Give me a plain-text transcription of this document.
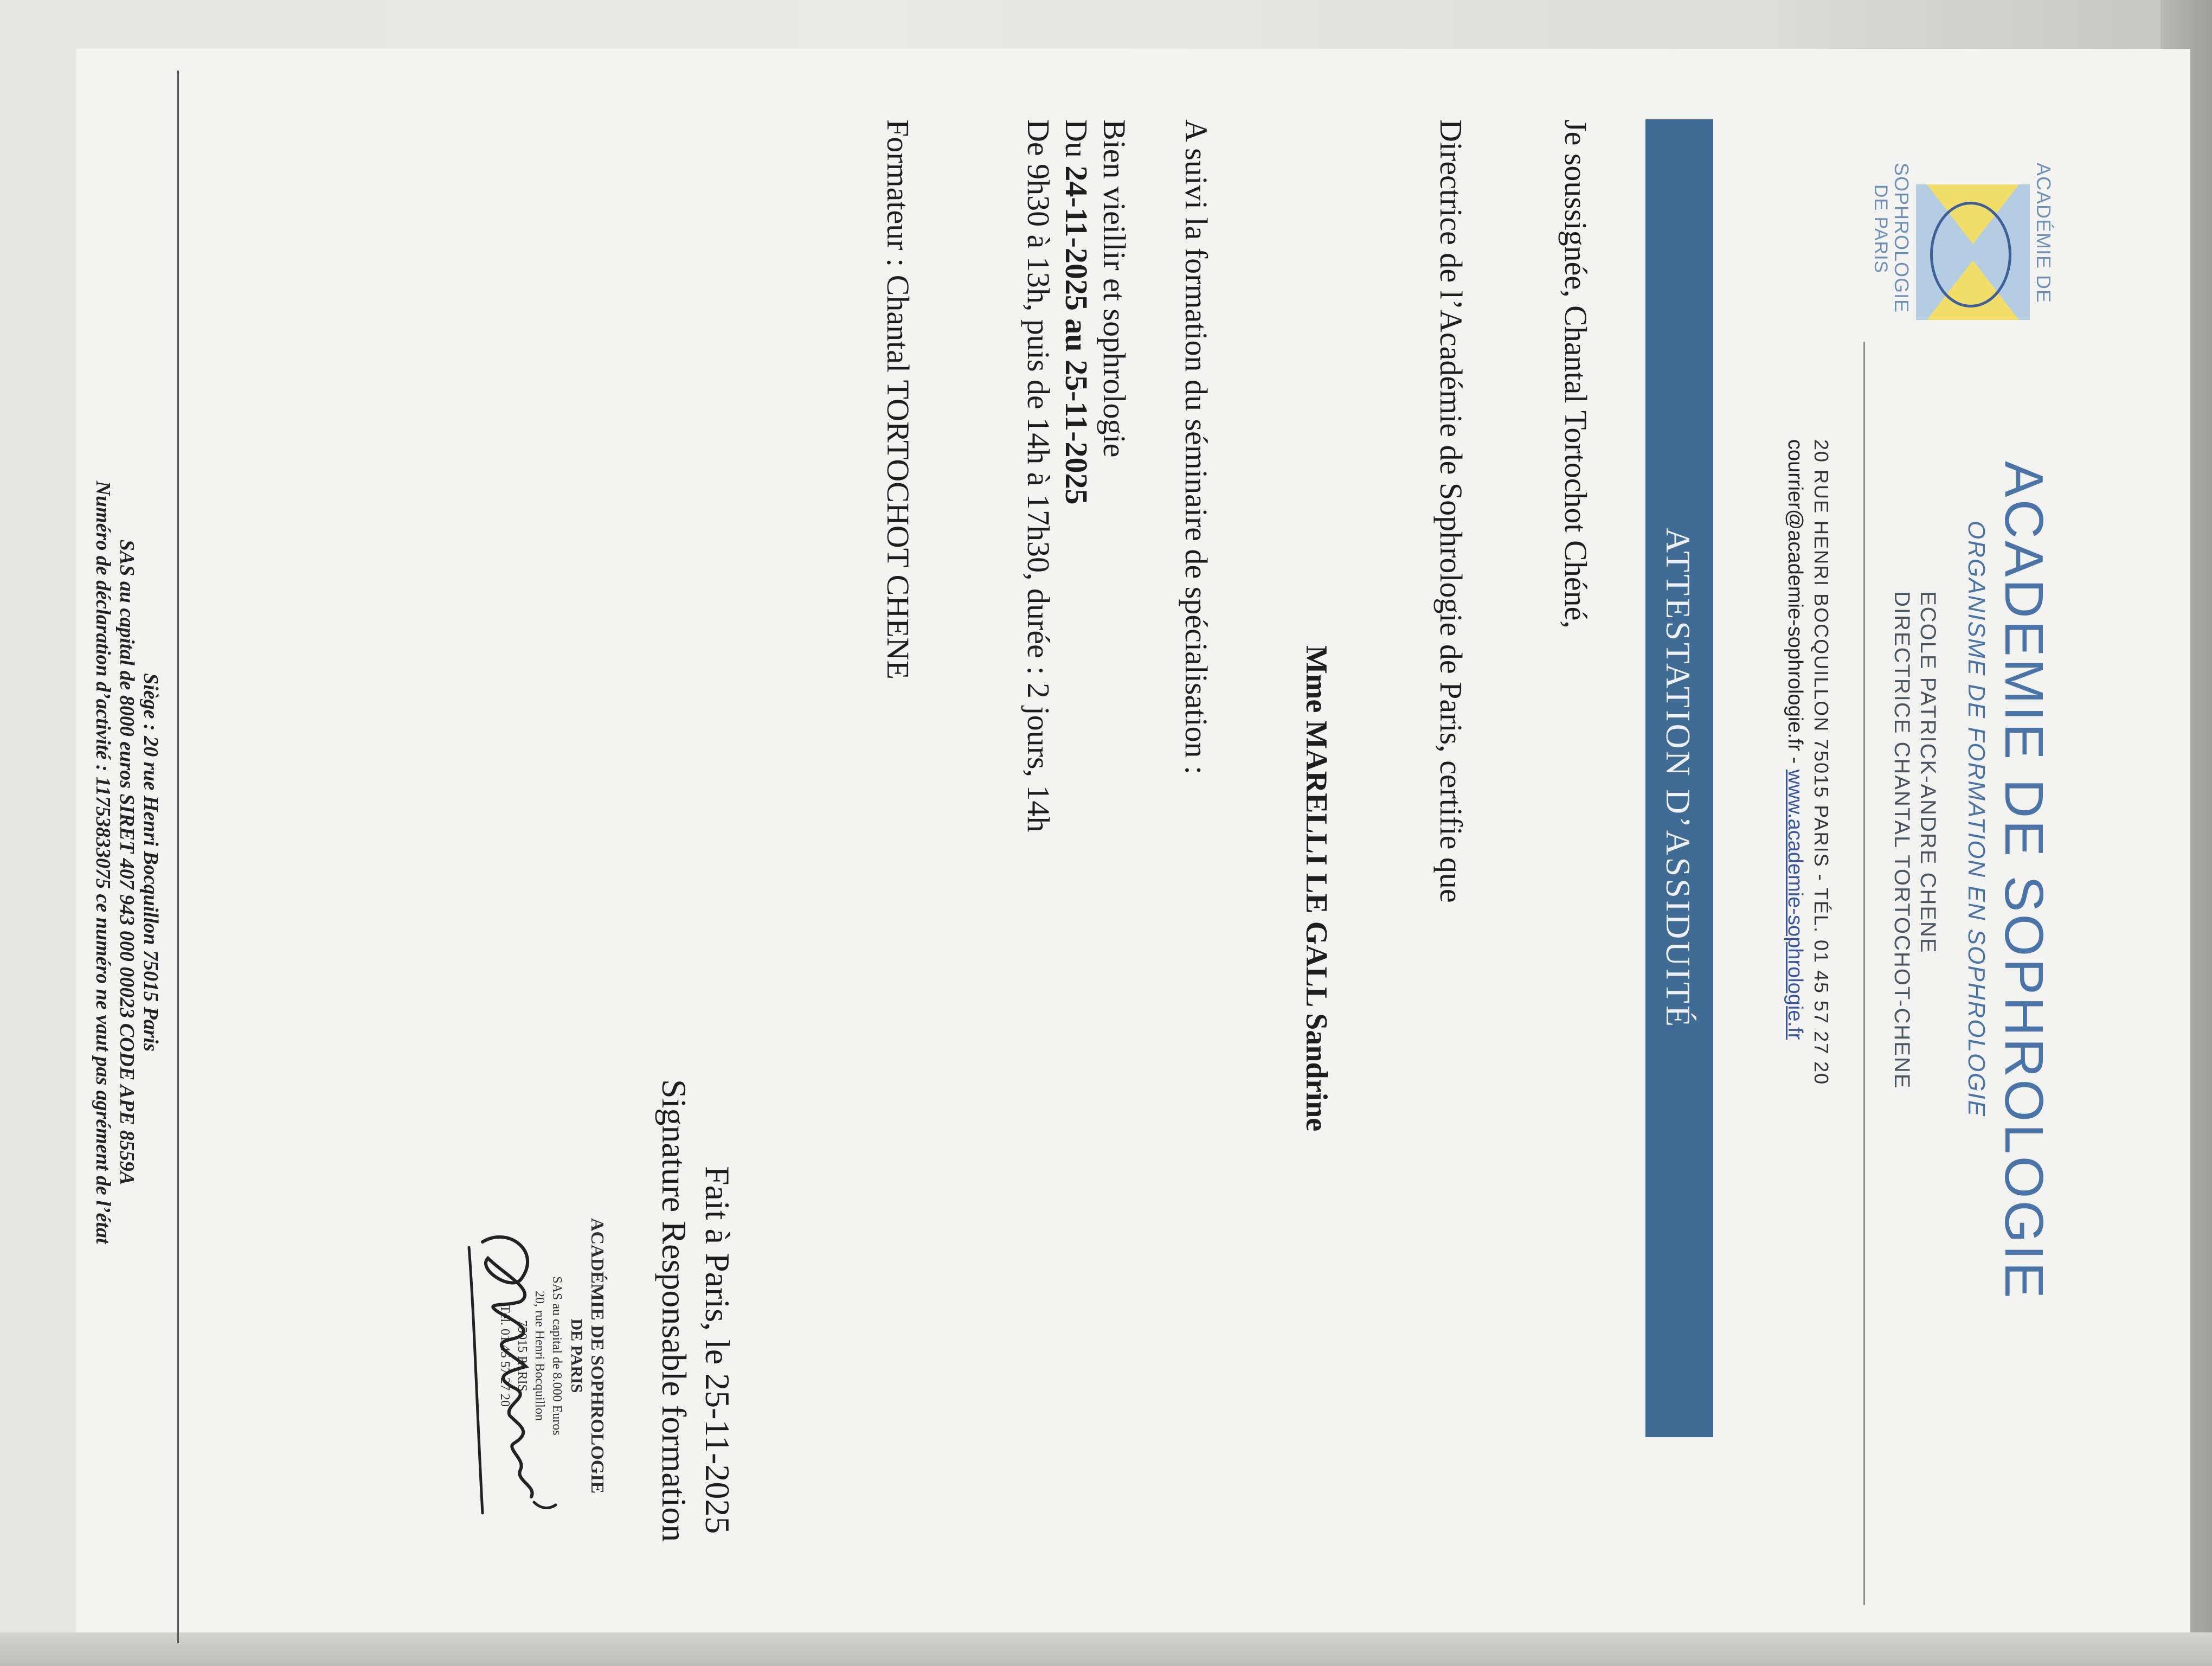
ACADÉMIE DE
SOPHROLOGIE
DE PARIS
ACADEMIE DE SOPHROLOGIE
ORGANISME DE FORMATION EN SOPHROLOGIE
ECOLE PATRICK-ANDRE CHENE
DIRECTRICE CHANTAL TORTOCHOT-CHENE
20 RUE HENRI BOCQUILLON 75015 PARIS - TÉL. 01 45 57 27 20
courrier@academie-sophrologie.fr - www.academie-sophrologie.fr
ATTESTATION D’ASSIDUITÉ
Je soussignée, Chantal Tortochot Chéné,
Directrice de l’Académie de Sophrologie de Paris, certifie que
Mme MARELLI LE GALL Sandrine
A suivi la formation du séminaire de spécialisation :
Bien vieillir et sophrologie
Du 24-11-2025 au 25-11-2025
De 9h30 à 13h, puis de 14h à 17h30, durée : 2 jours, 14h
Formateur : Chantal TORTOCHOT CHENE
Fait à Paris, le 25-11-2025
Signature Responsable formation
ACADÉMIE DE SOPHROLOGIE
DE PARIS
SAS au capital de 8.000 Euros
20, rue Henri Bocquillon
75015 PARIS
Tél. 01 45 57 27 20
Siège : 20 rue Henri Bocquillon 75015 Paris
SAS au capital de 8000 euros SIRET 407 943 000 00023 CODE APE 8559A
Numéro de déclaration d’activité : 11753833075 ce numéro ne vaut pas agrément de l’état
